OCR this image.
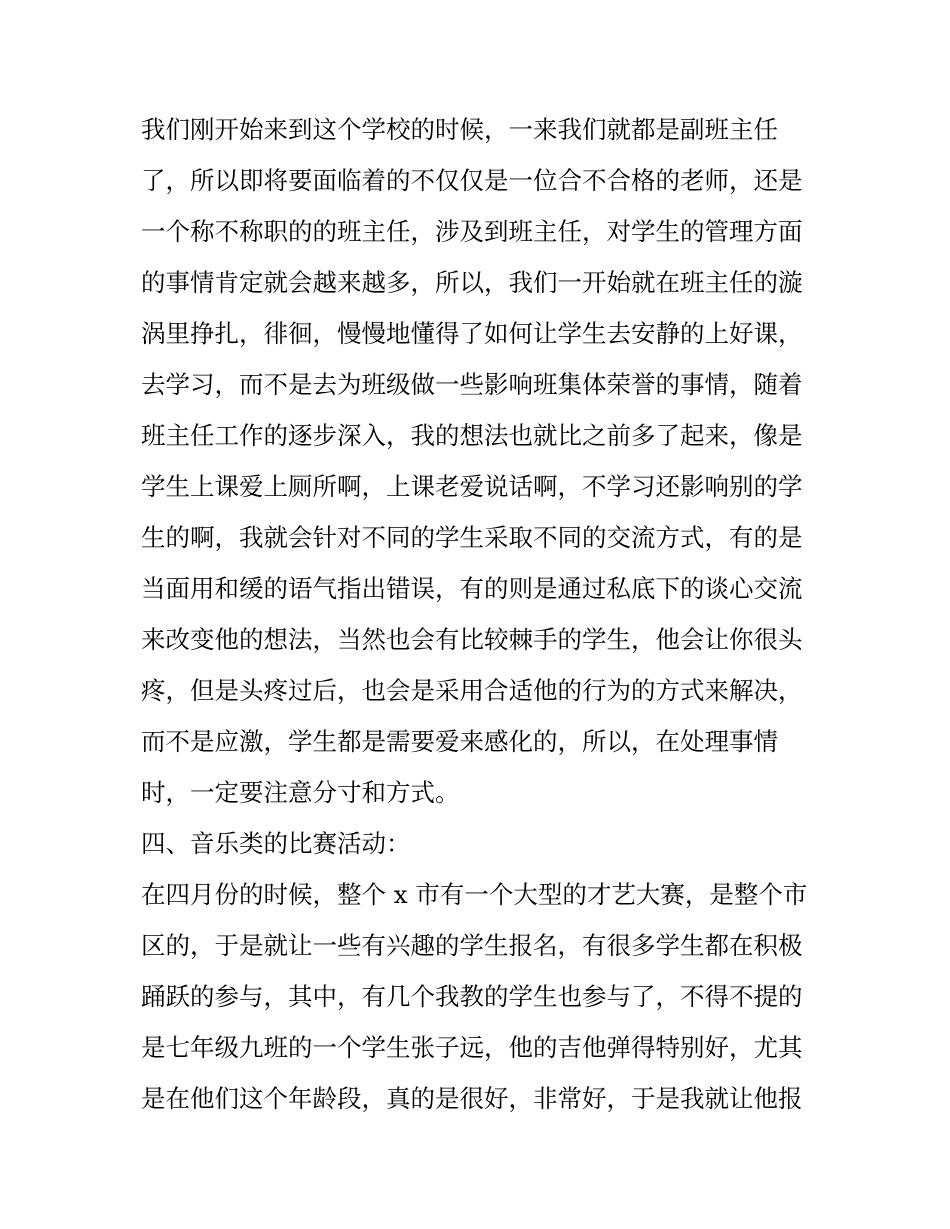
我们刚开始来到这个学校的时候，一来我们就都是副班主任
了，所以即将要面临着的不仅仅是一位合不合格的老师，还是
一个称不称职的的班主任，涉及到班主任，对学生的管理方面
的事情肯定就会越来越多，所以，我们一开始就在班主任的漩
涡里挣扎，徘徊，慢慢地懂得了如何让学生去安静的上好课，
去学习，而不是去为班级做一些影响班集体荣誉的事情，随着
班主任工作的逐步深入，我的想法也就比之前多了起来，像是
学生上课爱上厕所啊，上课老爱说话啊，不学习还影响别的学
生的啊，我就会针对不同的学生采取不同的交流方式，有的是
当面用和缓的语气指出错误，有的则是通过私底下的谈心交流
来改变他的想法，当然也会有比较棘手的学生，他会让你很头
疼，但是头疼过后，也会是采用合适他的行为的方式来解决，
而不是应激，学生都是需要爱来感化的，所以，在处理事情
时，一定要注意分寸和方式。
四、音乐类的比赛活动：
在四月份的时候，整个 x 市有一个大型的才艺大赛，是整个市
区的，于是就让一些有兴趣的学生报名，有很多学生都在积极
踊跃的参与，其中，有几个我教的学生也参与了，不得不提的
是七年级九班的一个学生张子远，他的吉他弹得特别好，尤其
是在他们这个年龄段，真的是很好，非常好，于是我就让他报
